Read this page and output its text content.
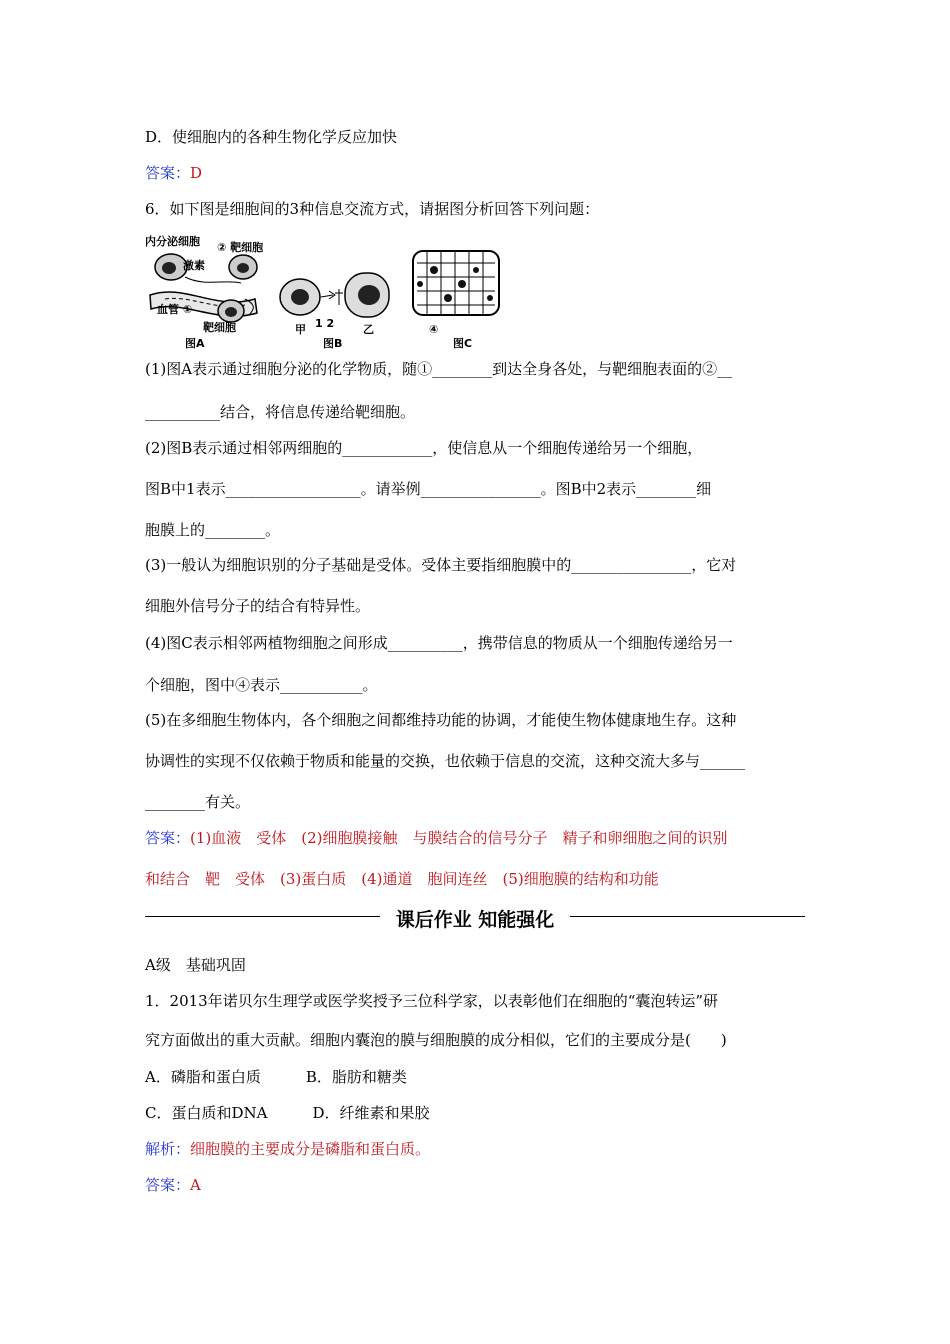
D．使细胞内的各种生物化学反应加快
答案：D
6．如下图是细胞间的3种信息交流方式，请据图分析回答下列问题：
内分泌细胞 ② 靶细胞
激素
血管 ①
靶细胞
图A
甲 1 2	乙
图B
④
图C
(1)图A表示通过细胞分泌的化学物质，随①________到达全身各处，与靶细胞表面的②__
__________结合，将信息传递给靶细胞。
(2)图B表示通过相邻两细胞的____________，使信息从一个细胞传递给另一个细胞，
图B中1表示__________________。请举例________________。图B中2表示________细
胞膜上的________。
(3)一般认为细胞识别的分子基础是受体。受体主要指细胞膜中的________________，它对
细胞外信号分子的结合有特异性。
(4)图C表示相邻两植物细胞之间形成__________，携带信息的物质从一个细胞传递给另一
个细胞，图中④表示___________。
(5)在多细胞生物体内，各个细胞之间都维持功能的协调，才能使生物体健康地生存。这种
协调性的实现不仅依赖于物质和能量的交换，也依赖于信息的交流，这种交流大多与______
________有关。
答案：(1)血液　受体　(2)细胞膜接触　与膜结合的信号分子　精子和卵细胞之间的识别
和结合　靶　受体　(3)蛋白质　(4)通道　胞间连丝　(5)细胞膜的结构和功能
课后作业 知能强化
A级　基础巩固
1．2013年诺贝尔生理学或医学奖授予三位科学家，以表彰他们在细胞的“囊泡转运”研
究方面做出的重大贡献。细胞内囊泡的膜与细胞膜的成分相似，它们的主要成分是(　　)
A．磷脂和蛋白质　　　B．脂肪和糖类
C．蛋白质和DNA　　　D．纤维素和果胶
解析：细胞膜的主要成分是磷脂和蛋白质。
答案：A
